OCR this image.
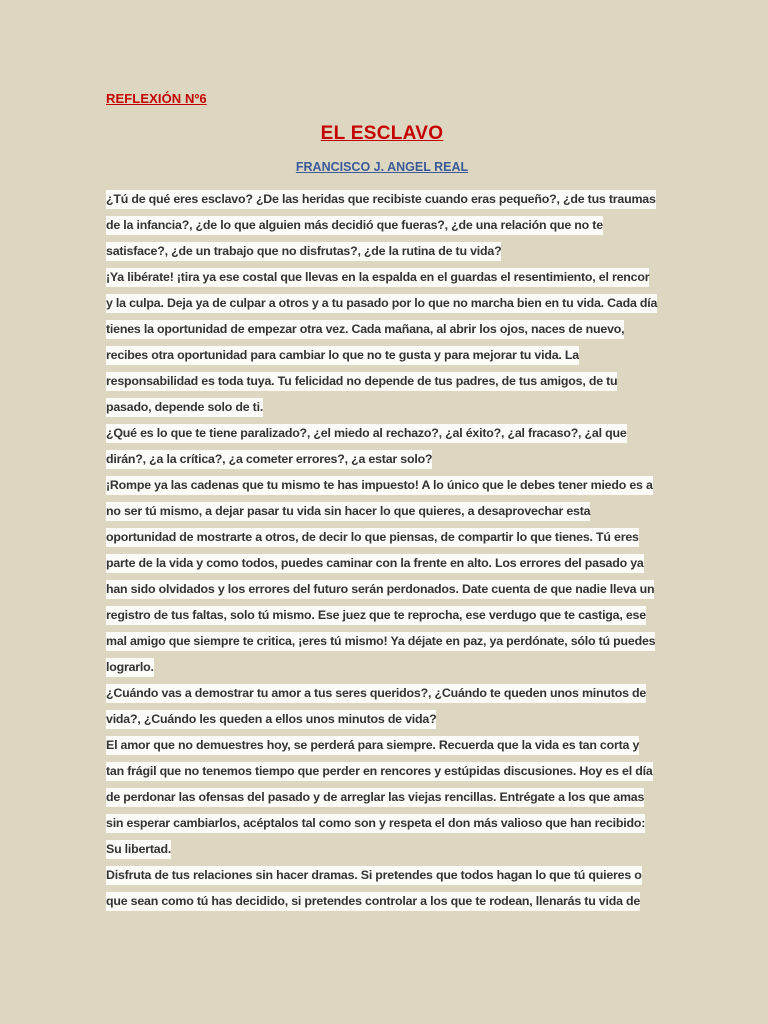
REFLEXIÓN Nº6

EL ESCLAVO

FRANCISCO J. ANGEL REAL

¿Tú de qué eres esclavo? ¿De las heridas que recibiste cuando eras pequeño?, ¿de tus traumas de la infancia?, ¿de lo que alguien más decidió que fueras?, ¿de una relación que no te satisface?, ¿de un trabajo que no disfrutas?, ¿de la rutina de tu vida?

¡Ya libérate! ¡tira ya ese costal que llevas en la espalda en el guardas el resentimiento, el rencor y la culpa. Deja ya de culpar a otros y a tu pasado por lo que no marcha bien en tu vida. Cada día tienes la oportunidad de empezar otra vez. Cada mañana, al abrir los ojos, naces de nuevo, recibes otra oportunidad para cambiar lo que no te gusta y para mejorar tu vida. La responsabilidad es toda tuya. Tu felicidad no depende de tus padres, de tus amigos, de tu pasado, depende solo de ti.

¿Qué es lo que te tiene paralizado?, ¿el miedo al rechazo?, ¿al éxito?, ¿al fracaso?, ¿al que dirán?, ¿a la crítica?, ¿a cometer errores?, ¿a estar solo?

¡Rompe ya las cadenas que tu mismo te has impuesto! A lo único que le debes tener miedo es a no ser tú mismo, a dejar pasar tu vida sin hacer lo que quieres, a desaprovechar esta oportunidad de mostrarte a otros, de decir lo que piensas, de compartir lo que tienes. Tú eres parte de la vida y como todos, puedes caminar con la frente en alto. Los errores del pasado ya han sido olvidados y los errores del futuro serán perdonados. Date cuenta de que nadie lleva un registro de tus faltas, solo tú mismo. Ese juez que te reprocha, ese verdugo que te castiga, ese mal amigo que siempre te critica, ¡eres tú mismo! Ya déjate en paz, ya perdónate, sólo tú puedes lograrlo.

¿Cuándo vas a demostrar tu amor a tus seres queridos?, ¿Cuándo te queden unos minutos de vida?, ¿Cuándo les queden a ellos unos minutos de vida?

El amor que no demuestres hoy, se perderá para siempre. Recuerda que la vida es tan corta y tan frágil que no tenemos tiempo que perder en rencores y estúpidas discusiones. Hoy es el día de perdonar las ofensas del pasado y de arreglar las viejas rencillas. Entrégate a los que amas sin esperar cambiarlos, acéptalos tal como son y respeta el don más valioso que han recibido: Su libertad.

Disfruta de tus relaciones sin hacer dramas. Si pretendes que todos hagan lo que tú quieres o que sean como tú has decidido, si pretendes controlar a los que te rodean, llenarás tu vida de
